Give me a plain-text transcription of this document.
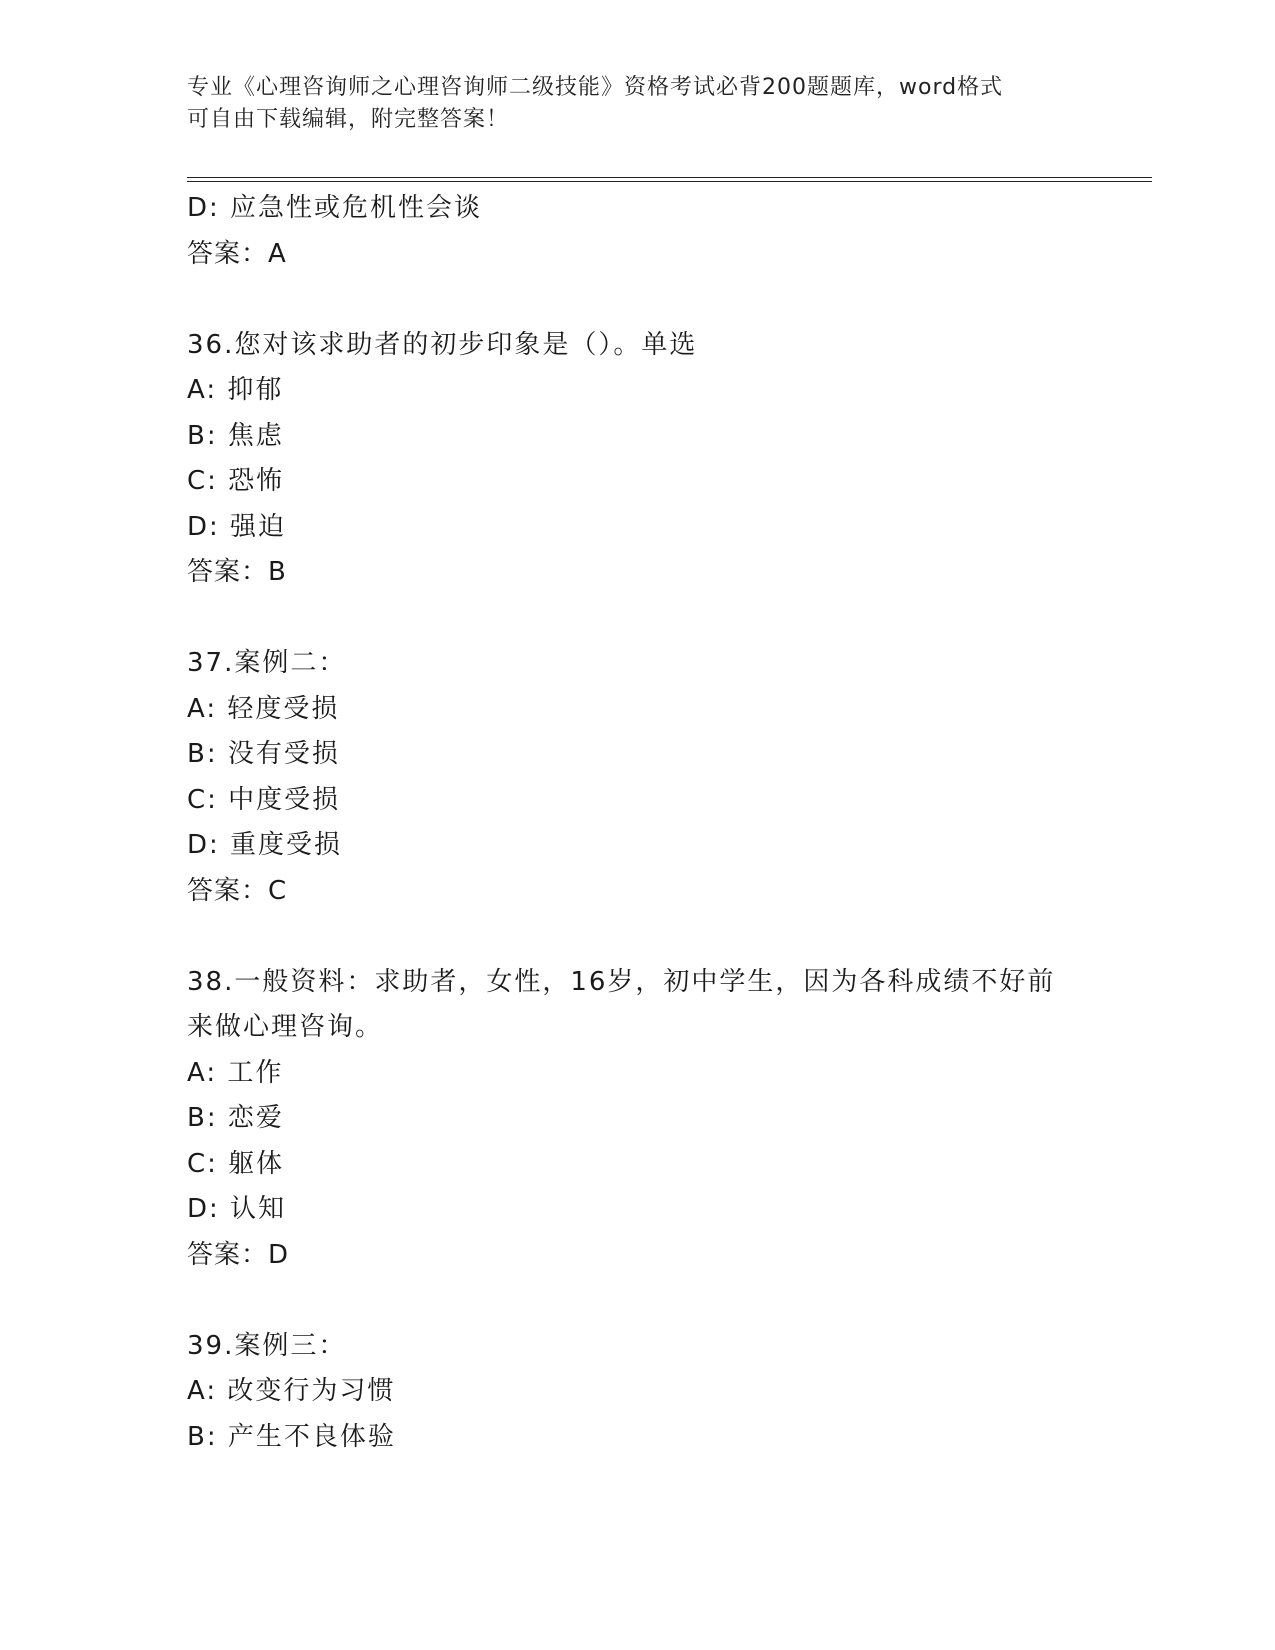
专业《心理咨询师之心理咨询师二级技能》资格考试必背200题题库，word格式
可自由下载编辑，附完整答案！
D: 应急性或危机性会谈
答案：A
36.您对该求助者的初步印象是（）。单选
A: 抑郁
B: 焦虑
C: 恐怖
D: 强迫
答案：B
37.案例二：
A: 轻度受损
B: 没有受损
C: 中度受损
D: 重度受损
答案：C
38.一般资料：求助者，女性，16岁，初中学生，因为各科成绩不好前
来做心理咨询。
A: 工作
B: 恋爱
C: 躯体
D: 认知
答案：D
39.案例三：
A: 改变行为习惯
B: 产生不良体验
